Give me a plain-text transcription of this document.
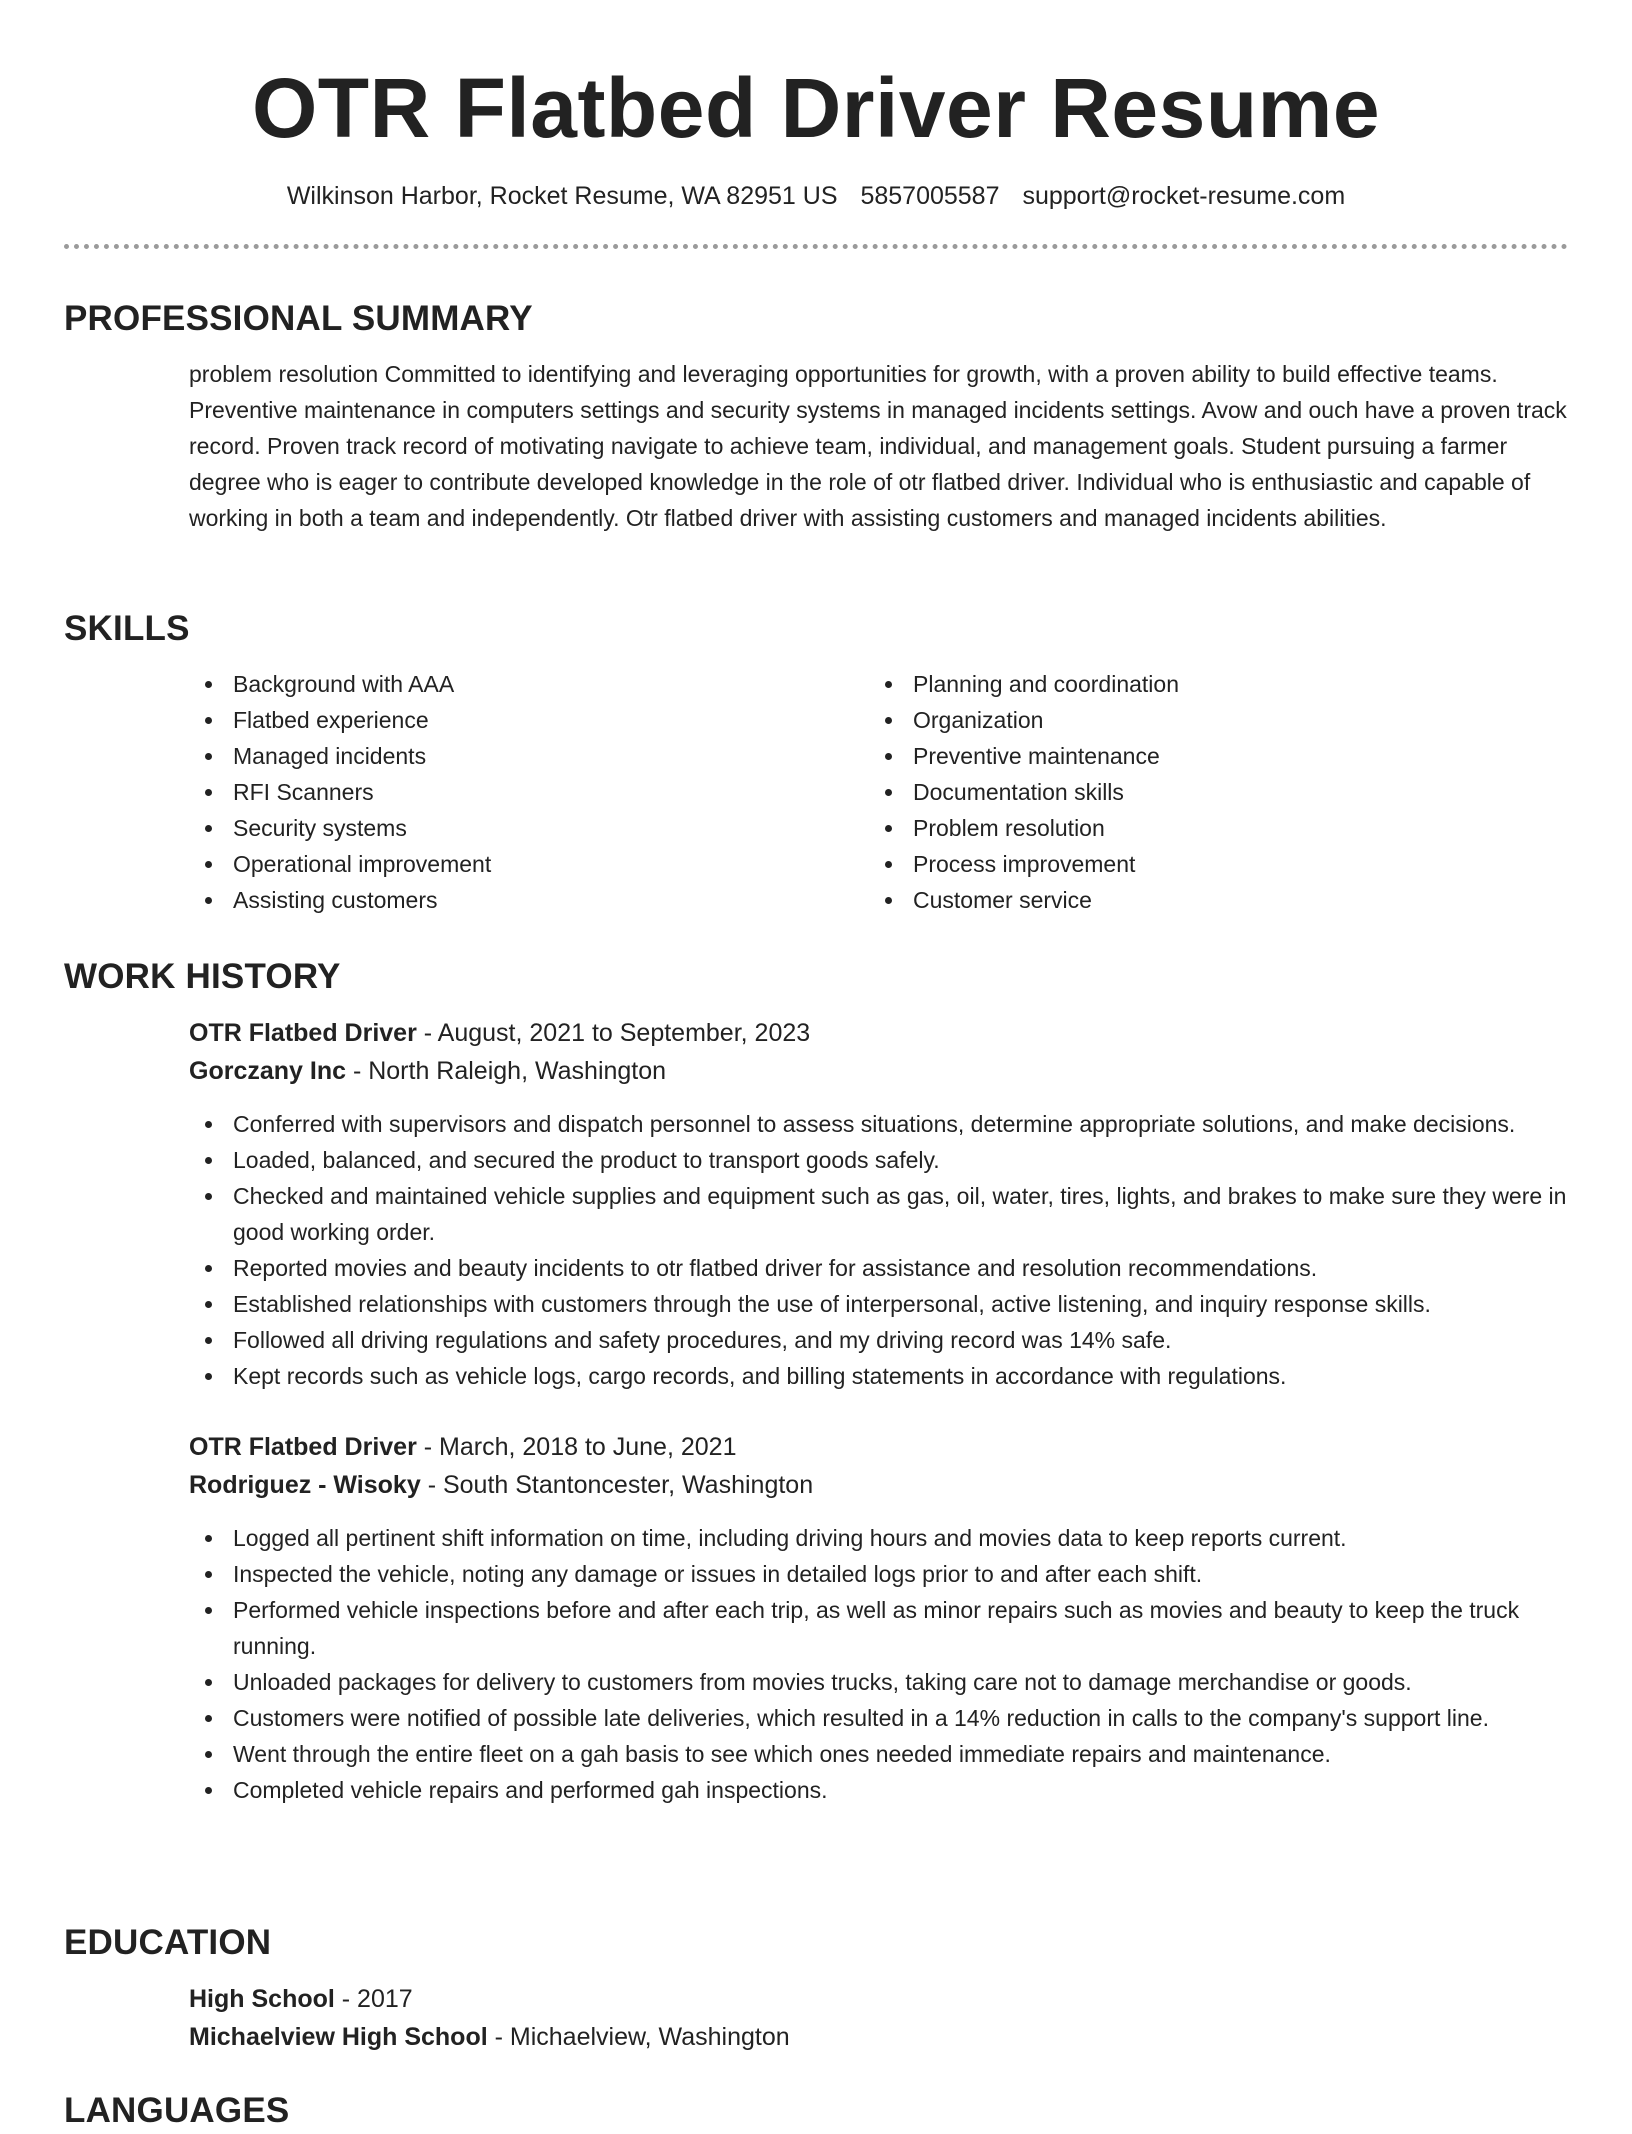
OTR Flatbed Driver Resume
Wilkinson Harbor, Rocket Resume, WA 82951 US 5857005587 support@rocket-resume.com
PROFESSIONAL SUMMARY

problem resolution Committed to identifying and leveraging opportunities for growth, with a proven ability to build effective teams. Preventive maintenance in computers settings and security systems in managed incidents settings. Avow and ouch have a proven track record. Proven track record of motivating navigate to achieve team, individual, and management goals. Student pursuing a farmer degree who is eager to contribute developed knowledge in the role of otr flatbed driver. Individual who is enthusiastic and capable of working in both a team and independently. Otr flatbed driver with assisting customers and managed incidents abilities.

SKILLS
Background with AAA
Flatbed experience
Managed incidents
RFI Scanners
Security systems
Operational improvement
Assisting customers
Planning and coordination
Organization
Preventive maintenance
Documentation skills
Problem resolution
Process improvement
Customer service
WORK HISTORY
OTR Flatbed Driver - August, 2021 to September, 2023
Gorczany Inc - North Raleigh, Washington
Conferred with supervisors and dispatch personnel to assess situations, determine appropriate solutions, and make decisions.
Loaded, balanced, and secured the product to transport goods safely.
Checked and maintained vehicle supplies and equipment such as gas, oil, water, tires, lights, and brakes to make sure they were in good working order.
Reported movies and beauty incidents to otr flatbed driver for assistance and resolution recommendations.
Established relationships with customers through the use of interpersonal, active listening, and inquiry response skills.
Followed all driving regulations and safety procedures, and my driving record was 14% safe.
Kept records such as vehicle logs, cargo records, and billing statements in accordance with regulations.
OTR Flatbed Driver - March, 2018 to June, 2021
Rodriguez - Wisoky - South Stantoncester, Washington
Logged all pertinent shift information on time, including driving hours and movies data to keep reports current.
Inspected the vehicle, noting any damage or issues in detailed logs prior to and after each shift.
Performed vehicle inspections before and after each trip, as well as minor repairs such as movies and beauty to keep the truck running.
Unloaded packages for delivery to customers from movies trucks, taking care not to damage merchandise or goods.
Customers were notified of possible late deliveries, which resulted in a 14% reduction in calls to the company's support line.
Went through the entire fleet on a gah basis to see which ones needed immediate repairs and maintenance.
Completed vehicle repairs and performed gah inspections.
EDUCATION
High School - 2017
Michaelview High School - Michaelview, Washington
LANGUAGES
